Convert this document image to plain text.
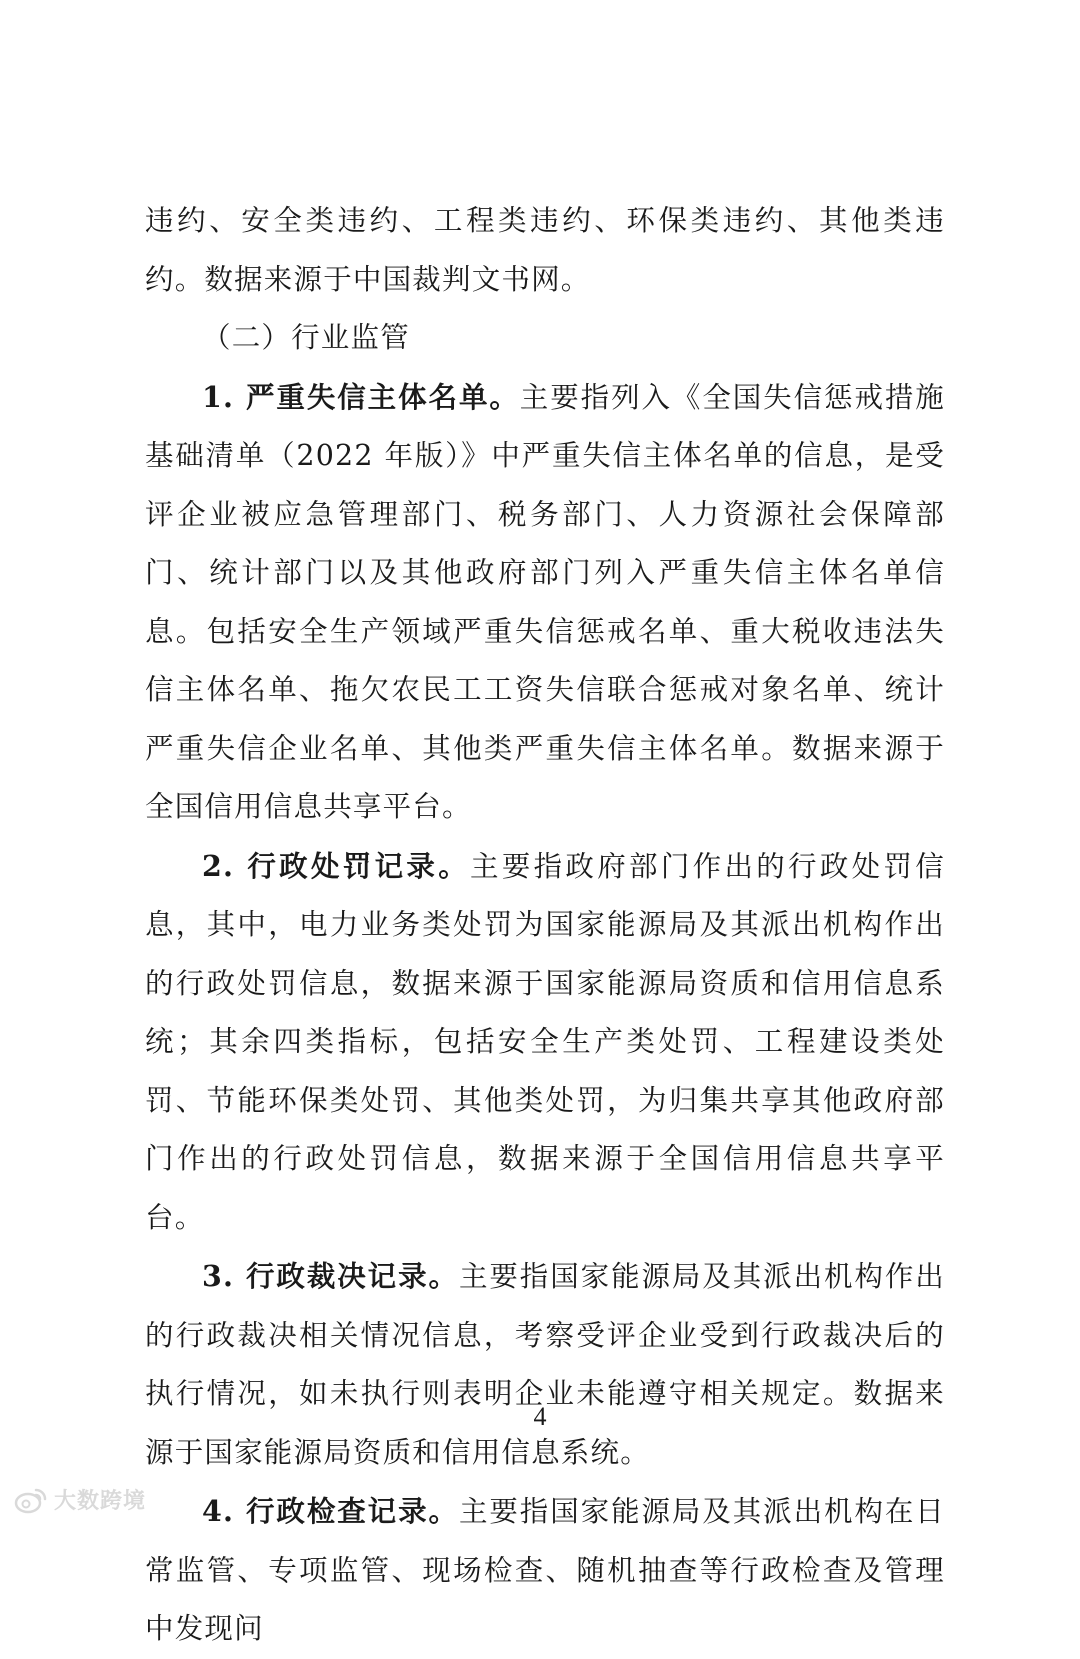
违约、安全类违约、工程类违约、环保类违约、其他类违约。数据来源于中国裁判文书网。

（二）行业监管

1. 严重失信主体名单。主要指列入《全国失信惩戒措施基础清单（2022 年版）》中严重失信主体名单的信息，是受评企业被应急管理部门、税务部门、人力资源社会保障部门、统计部门以及其他政府部门列入严重失信主体名单信息。包括安全生产领域严重失信惩戒名单、重大税收违法失信主体名单、拖欠农民工工资失信联合惩戒对象名单、统计严重失信企业名单、其他类严重失信主体名单。数据来源于全国信用信息共享平台。

2. 行政处罚记录。主要指政府部门作出的行政处罚信息，其中，电力业务类处罚为国家能源局及其派出机构作出的行政处罚信息，数据来源于国家能源局资质和信用信息系统；其余四类指标，包括安全生产类处罚、工程建设类处罚、节能环保类处罚、其他类处罚，为归集共享其他政府部门作出的行政处罚信息，数据来源于全国信用信息共享平台。

3. 行政裁决记录。主要指国家能源局及其派出机构作出的行政裁决相关情况信息，考察受评企业受到行政裁决后的执行情况，如未执行则表明企业未能遵守相关规定。数据来源于国家能源局资质和信用信息系统。

4. 行政检查记录。主要指国家能源局及其派出机构在日常监管、专项监管、现场检查、随机抽查等行政检查及管理中发现问

4
大数跨境
